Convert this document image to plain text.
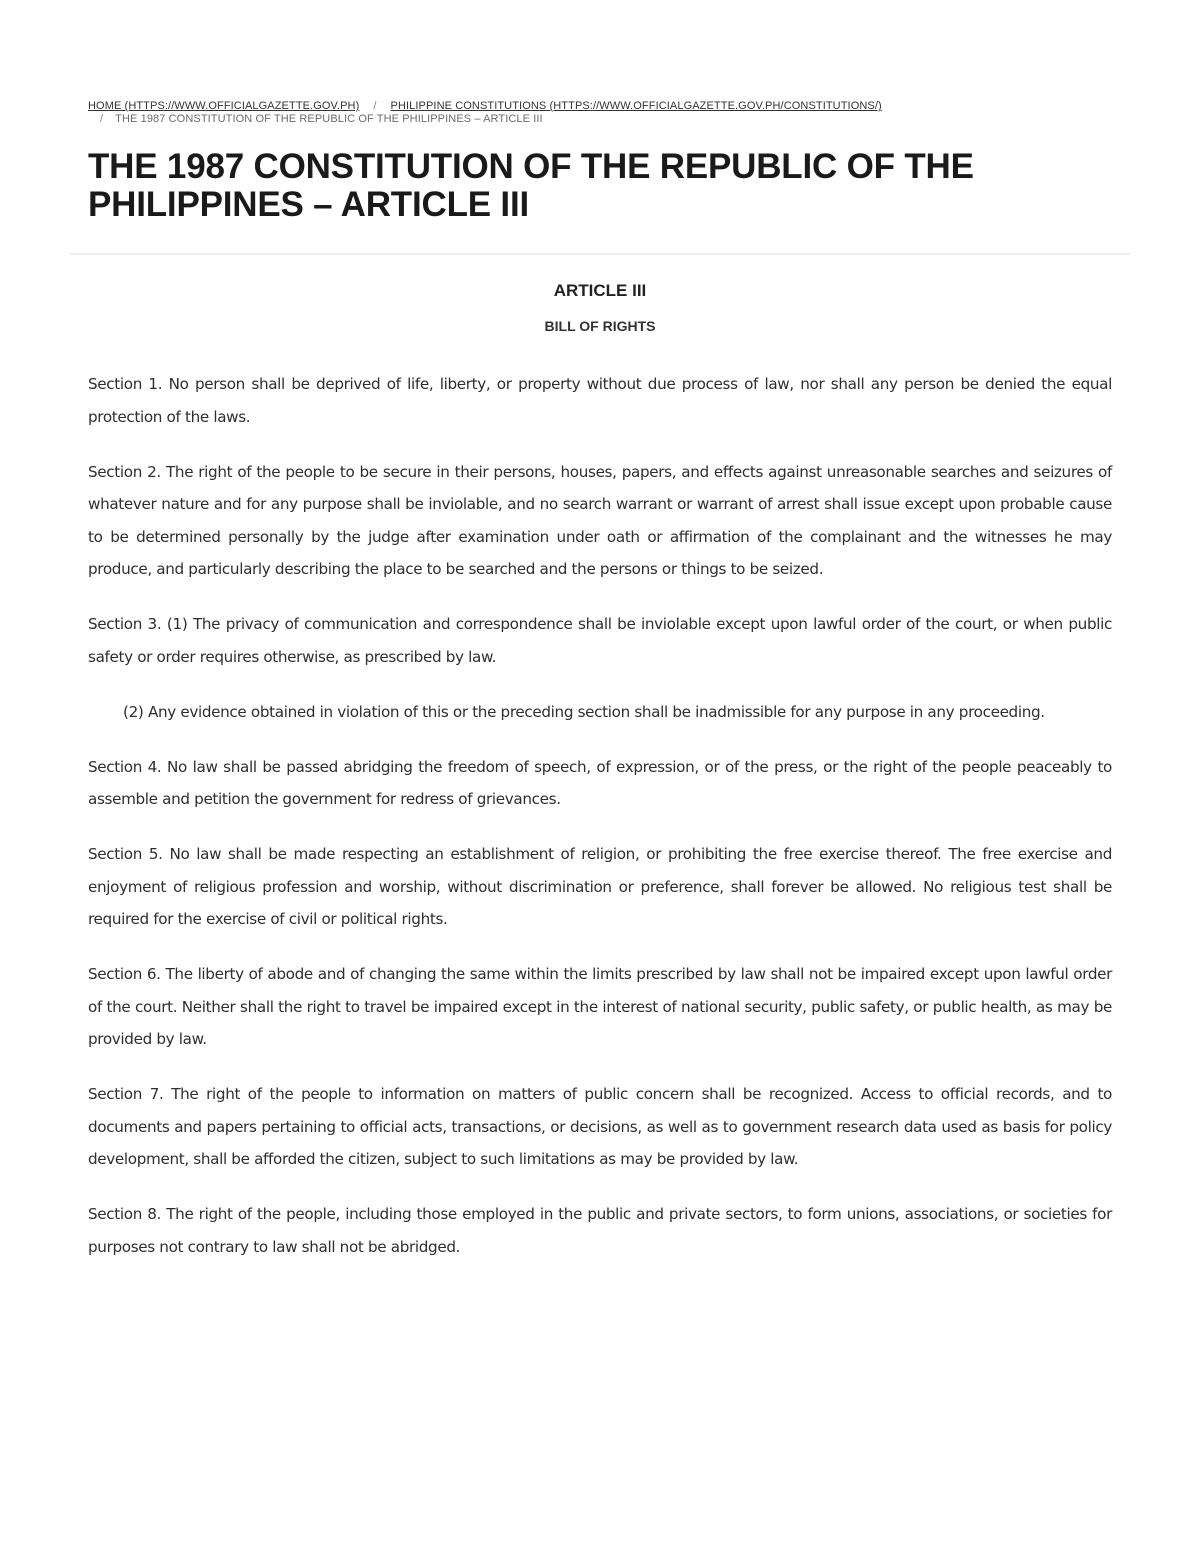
HOME (HTTPS://WWW.OFFICIALGAZETTE.GOV.PH) / PHILIPPINE CONSTITUTIONS (HTTPS://WWW.OFFICIALGAZETTE.GOV.PH/CONSTITUTIONS/)
/ THE 1987 CONSTITUTION OF THE REPUBLIC OF THE PHILIPPINES – ARTICLE III
THE 1987 CONSTITUTION OF THE REPUBLIC OF THE PHILIPPINES – ARTICLE III
ARTICLE III
BILL OF RIGHTS

Section 1. No person shall be deprived of life, liberty, or property without due process of law, nor shall any person be denied the equal protection of the laws.

Section 2. The right of the people to be secure in their persons, houses, papers, and effects against unreasonable searches and seizures of whatever nature and for any purpose shall be inviolable, and no search warrant or warrant of arrest shall issue except upon probable cause to be determined personally by the judge after examination under oath or affirmation of the complainant and the witnesses he may produce, and particularly describing the place to be searched and the persons or things to be seized.

Section 3. (1) The privacy of communication and correspondence shall be inviolable except upon lawful order of the court, or when public safety or order requires otherwise, as prescribed by law.

(2) Any evidence obtained in violation of this or the preceding section shall be inadmissible for any purpose in any proceeding.

Section 4. No law shall be passed abridging the freedom of speech, of expression, or of the press, or the right of the people peaceably to assemble and petition the government for redress of grievances.

Section 5. No law shall be made respecting an establishment of religion, or prohibiting the free exercise thereof. The free exercise and enjoyment of religious profession and worship, without discrimination or preference, shall forever be allowed. No religious test shall be required for the exercise of civil or political rights.

Section 6. The liberty of abode and of changing the same within the limits prescribed by law shall not be impaired except upon lawful order of the court. Neither shall the right to travel be impaired except in the interest of national security, public safety, or public health, as may be provided by law.

Section 7. The right of the people to information on matters of public concern shall be recognized. Access to official records, and to documents and papers pertaining to official acts, transactions, or decisions, as well as to government research data used as basis for policy development, shall be afforded the citizen, subject to such limitations as may be provided by law.

Section 8. The right of the people, including those employed in the public and private sectors, to form unions, associations, or societies for purposes not contrary to law shall not be abridged.
